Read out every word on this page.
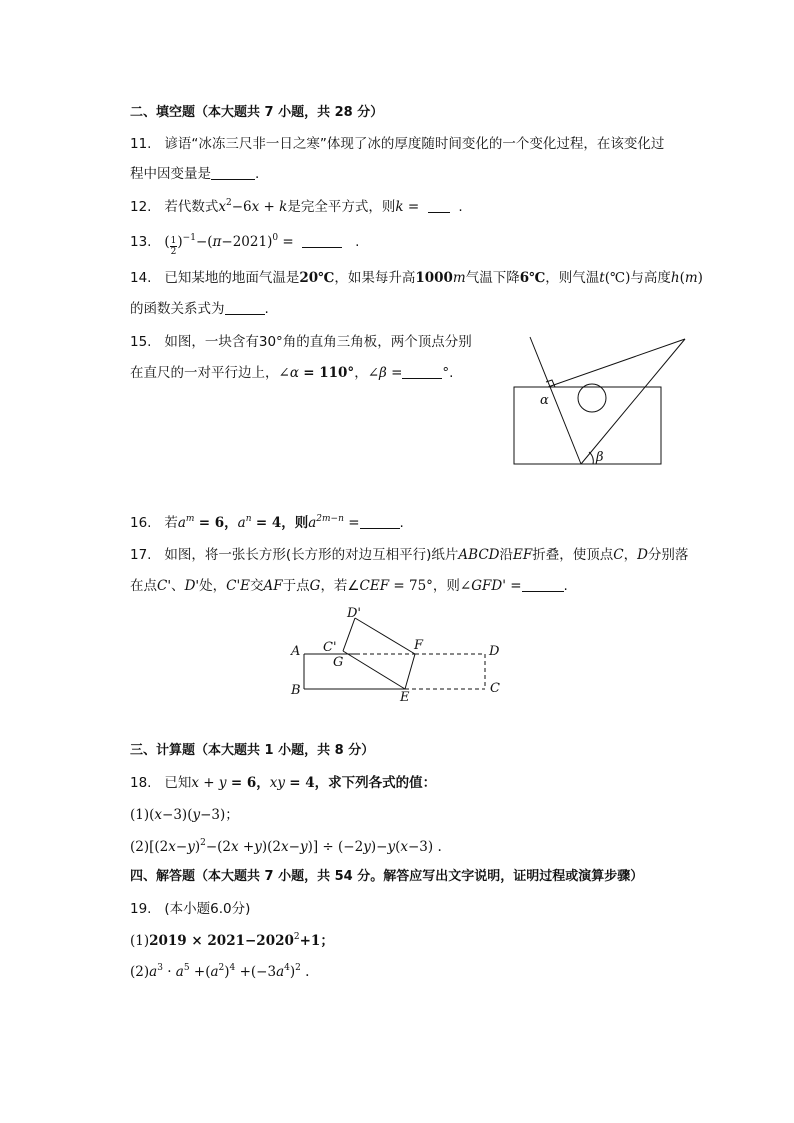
二、填空题（本大题共 7 小题，共 28 分）
11. 谚语“冰冻三尺非一日之寒”体现了冰的厚度随时间变化的一个变化过程，在该变化过
程中因变量是	.
12. 若代数式$x^2-6x + k$是完全平方式，则k =	.
13. ( $\frac{1}{2} )^{-1}-(\pi-2021)^0$ =	.
14. 已知某地的地面气温是20℃，如果每升高1000m气温下降6℃，则气温t(℃)与高度h(m)
的函数关系式为	.
15. 如图，一块含有30°角的直角三角板，两个顶点分别
在直尺的一对平行边上，∠α = 110°，∠β =	°.
α
β
16. 若$a^m = 6$，$a^n = 4$，则$a^{2m-n}$ =	.
17. 如图，将一张长方形(长方形的对边互相平行)纸片ABCD沿EF折叠，使顶点C，D分别落
在点C'、D'处，C'E交AF于点G，若∠CEF = 75°，则∠GFD' =	.
A
B	C
D
E
F
G
C'
D'
三、计算题（本大题共 1 小题，共 8 分）
18. 已知x + y = 6，xy = 4，求下列各式的值：
(1)(x−3)(y−3)；
$(2)[(2x-y)^2-(2x +y)(2x-y)] \div (-2y)-y(x-3)$ .
四、解答题（本大题共 7 小题，共 54 分。解答应写出文字说明，证明过程或演算步骤）
19. (本小题6.0分)
$(1)2019 \times 2021-2020^2+1$；
$(2)a^3 \cdot a^5 +(a^2)^4 +(-3a^4)^2$ .
